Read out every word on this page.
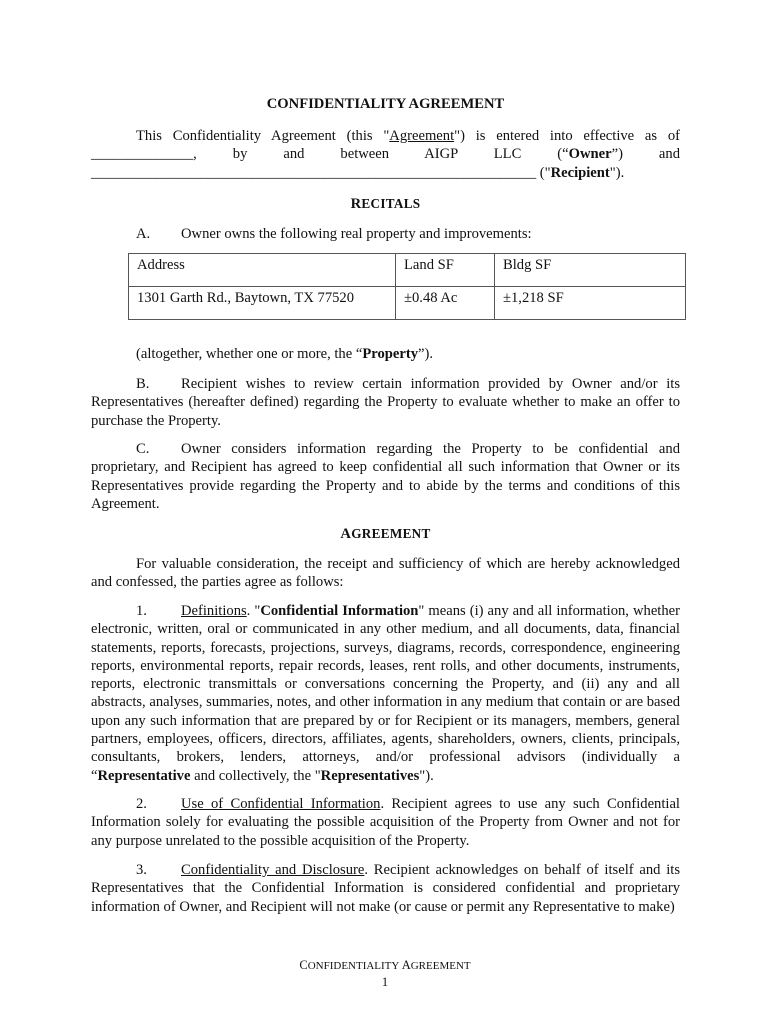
CONFIDENTIALITY AGREEMENT
This Confidentiality Agreement (this "Agreement") is entered into effective as of
______________, by and between AIGP LLC (“Owner”) and
_____________________________________________________________ ("Recipient").
RECITALS
A. Owner owns the following real property and improvements:
Address	Land SF	Bldg SF
1301 Garth Rd., Baytown, TX 77520	±0.48 Ac	±1,218 SF
(altogether, whether one or more, the “Property”).
B. Recipient wishes to review certain information provided by Owner and/or its Representatives (hereafter defined) regarding the Property to evaluate whether to make an offer to purchase the Property.
C. Owner considers information regarding the Property to be confidential and proprietary, and Recipient has agreed to keep confidential all such information that Owner or its Representatives provide regarding the Property and to abide by the terms and conditions of this Agreement.
AGREEMENT
For valuable consideration, the receipt and sufficiency of which are hereby acknowledged and confessed, the parties agree as follows:
1. Definitions. "Confidential Information" means (i) any and all information, whether electronic, written, oral or communicated in any other medium, and all documents, data, financial statements, reports, forecasts, projections, surveys, diagrams, records, correspondence, engineering reports, environmental reports, repair records, leases, rent rolls, and other documents, instruments, reports, electronic transmittals or conversations concerning the Property, and (ii) any and all abstracts, analyses, summaries, notes, and other information in any medium that contain or are based upon any such information that are prepared by or for Recipient or its managers, members, general partners, employees, officers, directors, affiliates, agents, shareholders, owners, clients, principals, consultants, brokers, lenders, attorneys, and/or professional advisors (individually a “Representative and collectively, the "Representatives").
2. Use of Confidential Information. Recipient agrees to use any such Confidential Information solely for evaluating the possible acquisition of the Property from Owner and not for any purpose unrelated to the possible acquisition of the Property.
3. Confidentiality and Disclosure. Recipient acknowledges on behalf of itself and its Representatives that the Confidential Information is considered confidential and proprietary information of Owner, and Recipient will not make (or cause or permit any Representative to make)
CONFIDENTIALITY AGREEMENT
1
